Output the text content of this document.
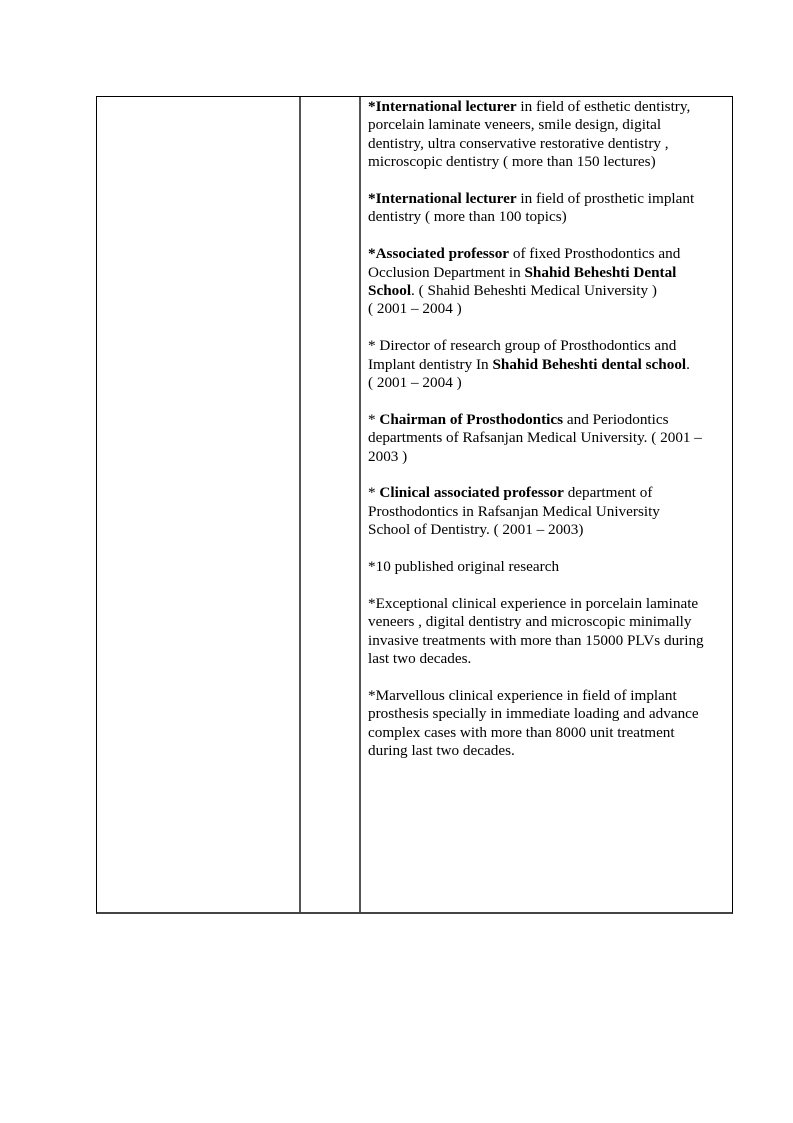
*International lecturer in field of esthetic dentistry,
porcelain laminate veneers, smile design, digital
dentistry, ultra conservative restorative dentistry ,
microscopic dentistry ( more than 150 lectures)
*International lecturer in field of prosthetic implant
dentistry ( more than 100 topics)
*Associated professor of fixed Prosthodontics and
Occlusion Department in Shahid Beheshti Dental
School. ( Shahid Beheshti Medical University )
( 2001 – 2004 )
* Director of research group of Prosthodontics and
Implant dentistry In Shahid Beheshti dental school.
( 2001 – 2004 )
* Chairman of Prosthodontics and Periodontics
departments of Rafsanjan Medical University. ( 2001 –
2003 )
* Clinical associated professor department of
Prosthodontics in Rafsanjan Medical University
School of Dentistry. ( 2001 – 2003)
*10 published original research
*Exceptional clinical experience in porcelain laminate
veneers , digital dentistry and microscopic minimally
invasive treatments with more than 15000 PLVs during
last two decades.
*Marvellous clinical experience in field of implant
prosthesis specially in immediate loading and advance
complex cases with more than 8000 unit treatment
during last two decades.
